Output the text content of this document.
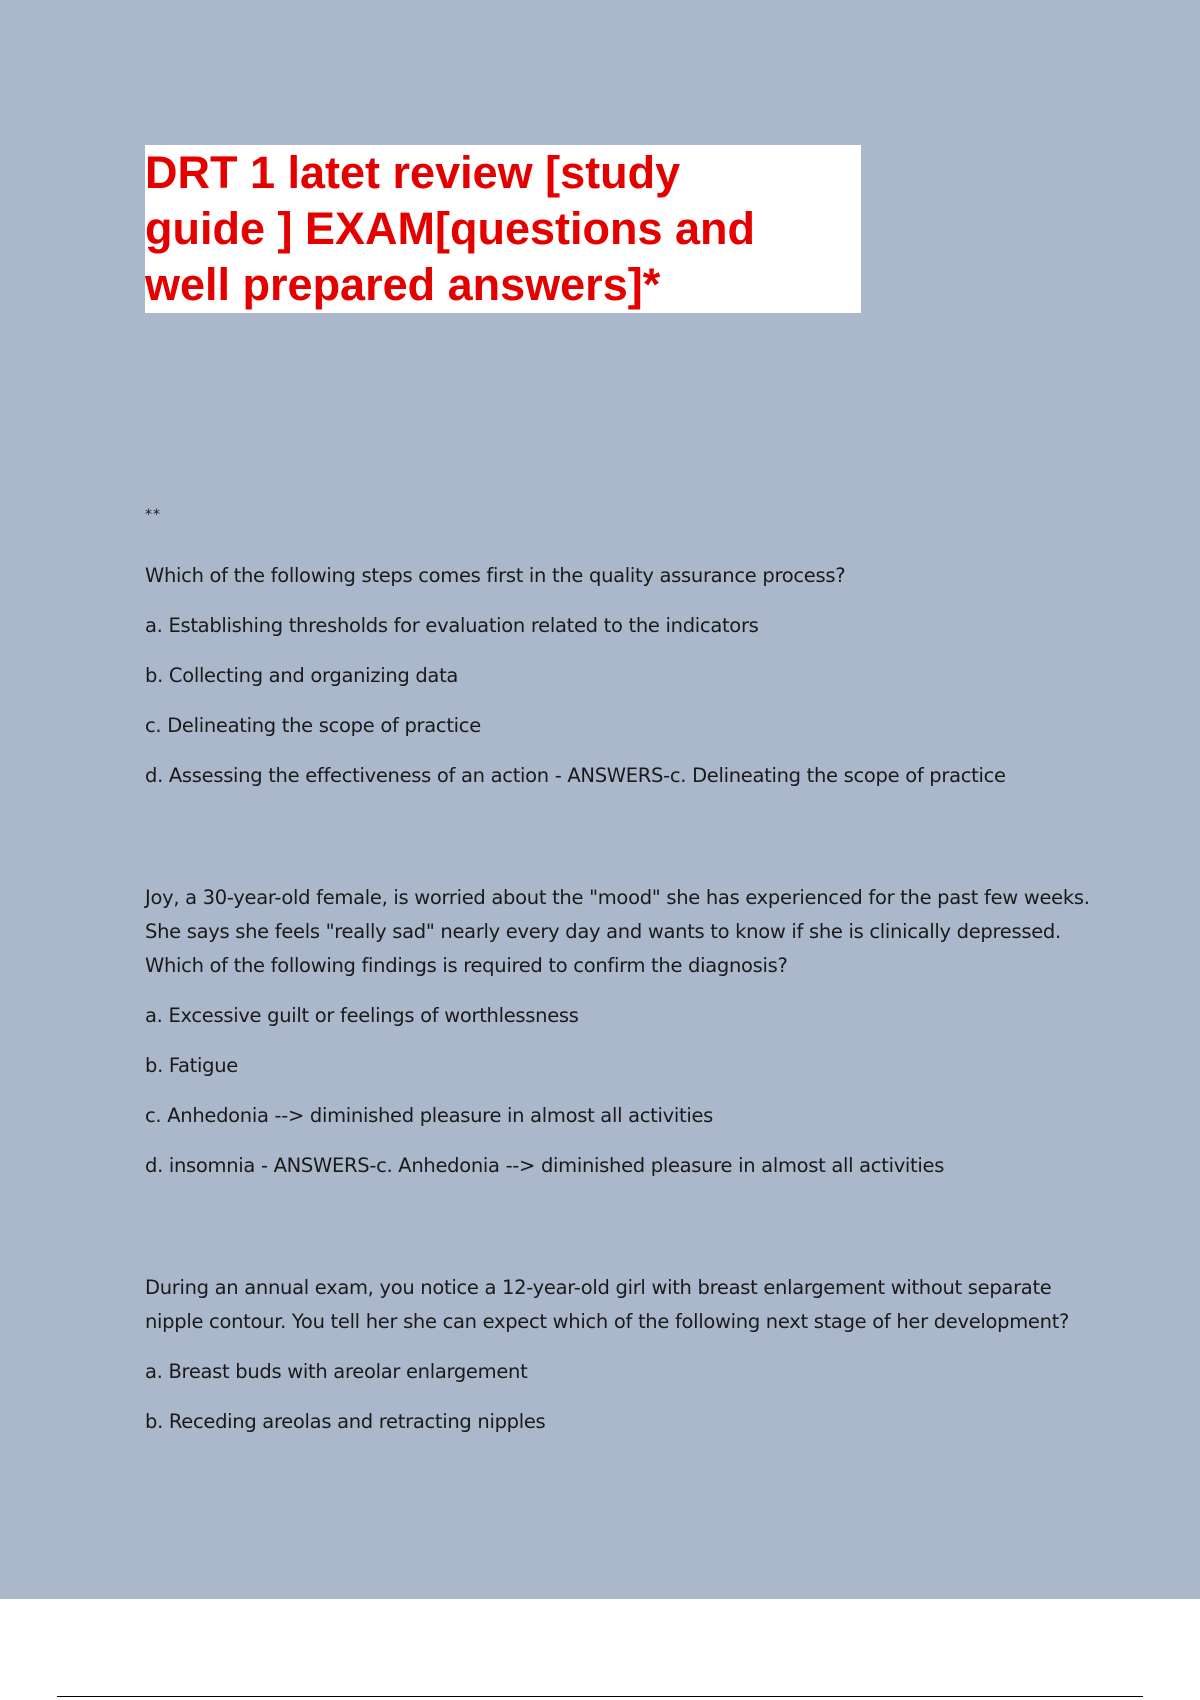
DRT 1 latet review [study
guide ] EXAM[questions and
well prepared answers]*
**
Which of the following steps comes first in the quality assurance process?
a. Establishing thresholds for evaluation related to the indicators
b. Collecting and organizing data
c. Delineating the scope of practice
d. Assessing the effectiveness of an action - ANSWERS-c. Delineating the scope of practice
Joy, a 30-year-old female, is worried about the "mood" she has experienced for the past few weeks. She says she feels "really sad" nearly every day and wants to know if she is clinically depressed. Which of the following findings is required to confirm the diagnosis?
a. Excessive guilt or feelings of worthlessness
b. Fatigue
c. Anhedonia --> diminished pleasure in almost all activities
d. insomnia - ANSWERS-c. Anhedonia --> diminished pleasure in almost all activities
During an annual exam, you notice a 12-year-old girl with breast enlargement without separate nipple contour. You tell her she can expect which of the following next stage of her development?
a. Breast buds with areolar enlargement
b. Receding areolas and retracting nipples
